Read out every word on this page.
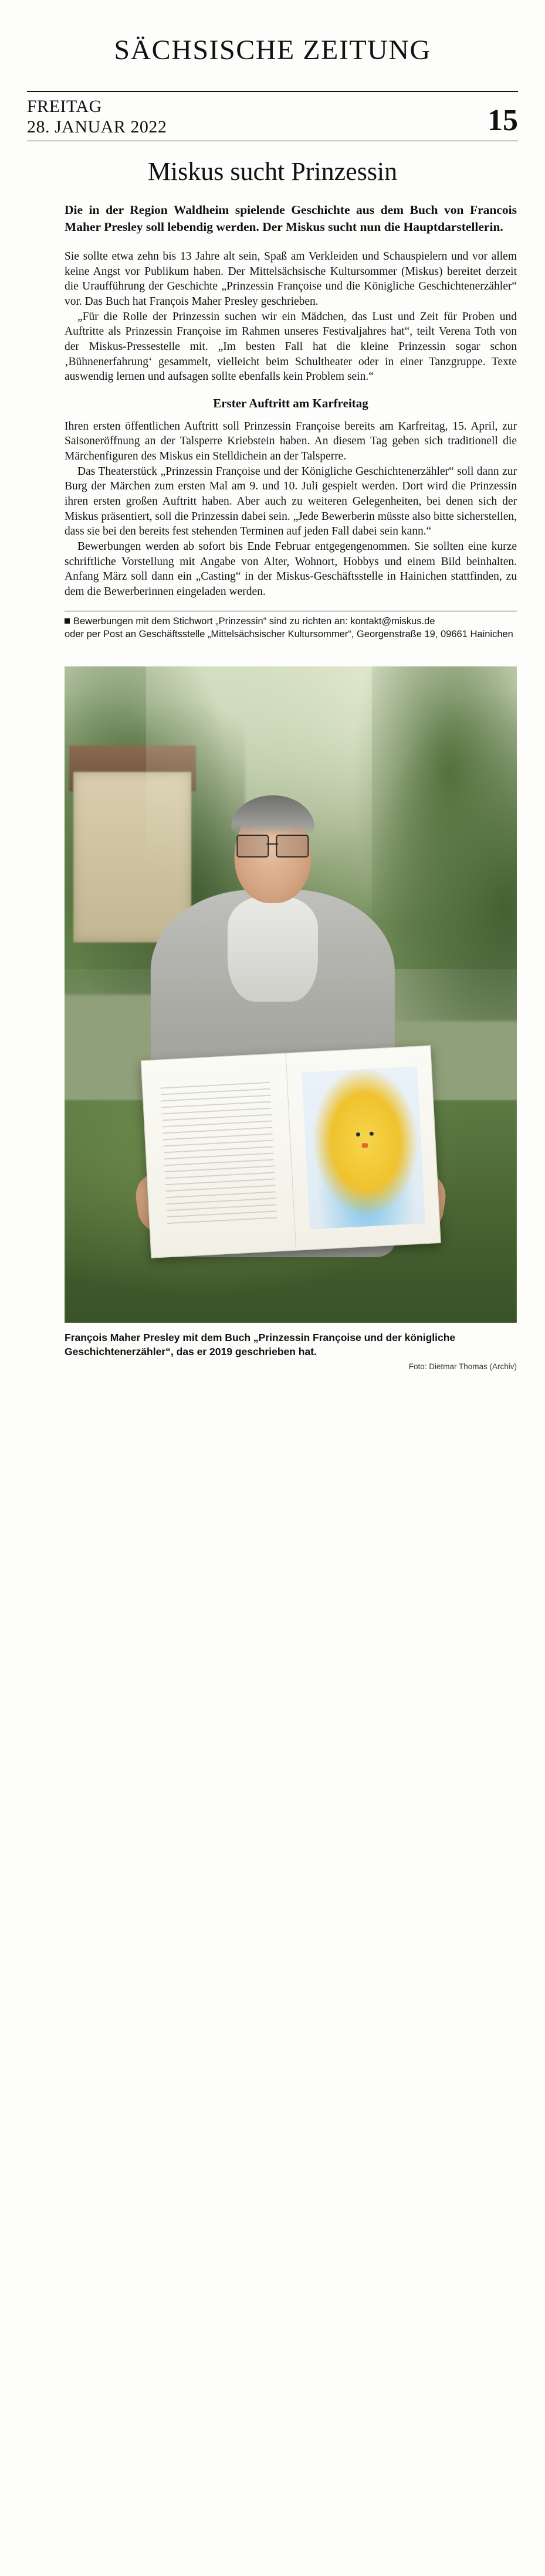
SÄCHSISCHE ZEITUNG
FREITAG
28. JANUAR 2022	15
Miskus sucht Prinzessin

Die in der Region Waldheim spielende Geschichte aus dem Buch von Francois Maher Presley soll lebendig werden. Der Miskus sucht nun die Hauptdarstellerin.

Sie sollte etwa zehn bis 13 Jahre alt sein, Spaß am Verkleiden und Schauspielern und vor allem keine Angst vor Publikum haben. Der Mittelsächsische Kultursommer (Miskus) bereitet derzeit die Uraufführung der Geschichte „Prinzessin Françoise und die Königliche Geschichtenerzähler“ vor. Das Buch hat François Maher Presley geschrieben.

„Für die Rolle der Prinzessin suchen wir ein Mädchen, das Lust und Zeit für Proben und Auftritte als Prinzessin Françoise im Rahmen unseres Festivaljahres hat“, teilt Verena Toth von der Miskus-Pressestelle mit. „Im besten Fall hat die kleine Prinzessin sogar schon ‚Bühnenerfahrung‘ gesammelt, vielleicht beim Schultheater oder in einer Tanzgruppe. Texte auswendig lernen und aufsagen sollte ebenfalls kein Problem sein.“

Erster Auftritt am Karfreitag

Ihren ersten öffentlichen Auftritt soll Prinzessin Françoise bereits am Karfreitag, 15. April, zur Saisoneröffnung an der Talsperre Kriebstein haben. An diesem Tag geben sich traditionell die Märchenfiguren des Miskus ein Stelldichein an der Talsperre.

Das Theaterstück „Prinzessin Françoise und der Königliche Geschichtenerzähler“ soll dann zur Burg der Märchen zum ersten Mal am 9. und 10. Juli gespielt werden. Dort wird die Prinzessin ihren ersten großen Auftritt haben. Aber auch zu weiteren Gelegenheiten, bei denen sich der Miskus präsentiert, soll die Prinzessin dabei sein. „Jede Bewerberin müsste also bitte sicherstellen, dass sie bei den bereits fest stehenden Terminen auf jeden Fall dabei sein kann.“

Bewerbungen werden ab sofort bis Ende Februar entgegengenommen. Sie sollten eine kurze schriftliche Vorstellung mit Angabe von Alter, Wohnort, Hobbys und einem Bild beinhalten. Anfang März soll dann ein „Casting“ in der Miskus-Geschäftsstelle in Hainichen stattfinden, zu dem die Bewerberinnen eingeladen werden.

Bewerbungen mit dem Stichwort „Prinzessin“ sind zu richten an: kontakt@miskus.de
oder per Post an Geschäftsstelle „Mittelsächsischer Kultursommer“, Georgenstraße 19, 09661 Hainichen
François Maher Presley mit dem Buch „Prinzessin Françoise und der königliche Geschichtenerzähler“, das er 2019 geschrieben hat.
Foto: Dietmar Thomas (Archiv)
